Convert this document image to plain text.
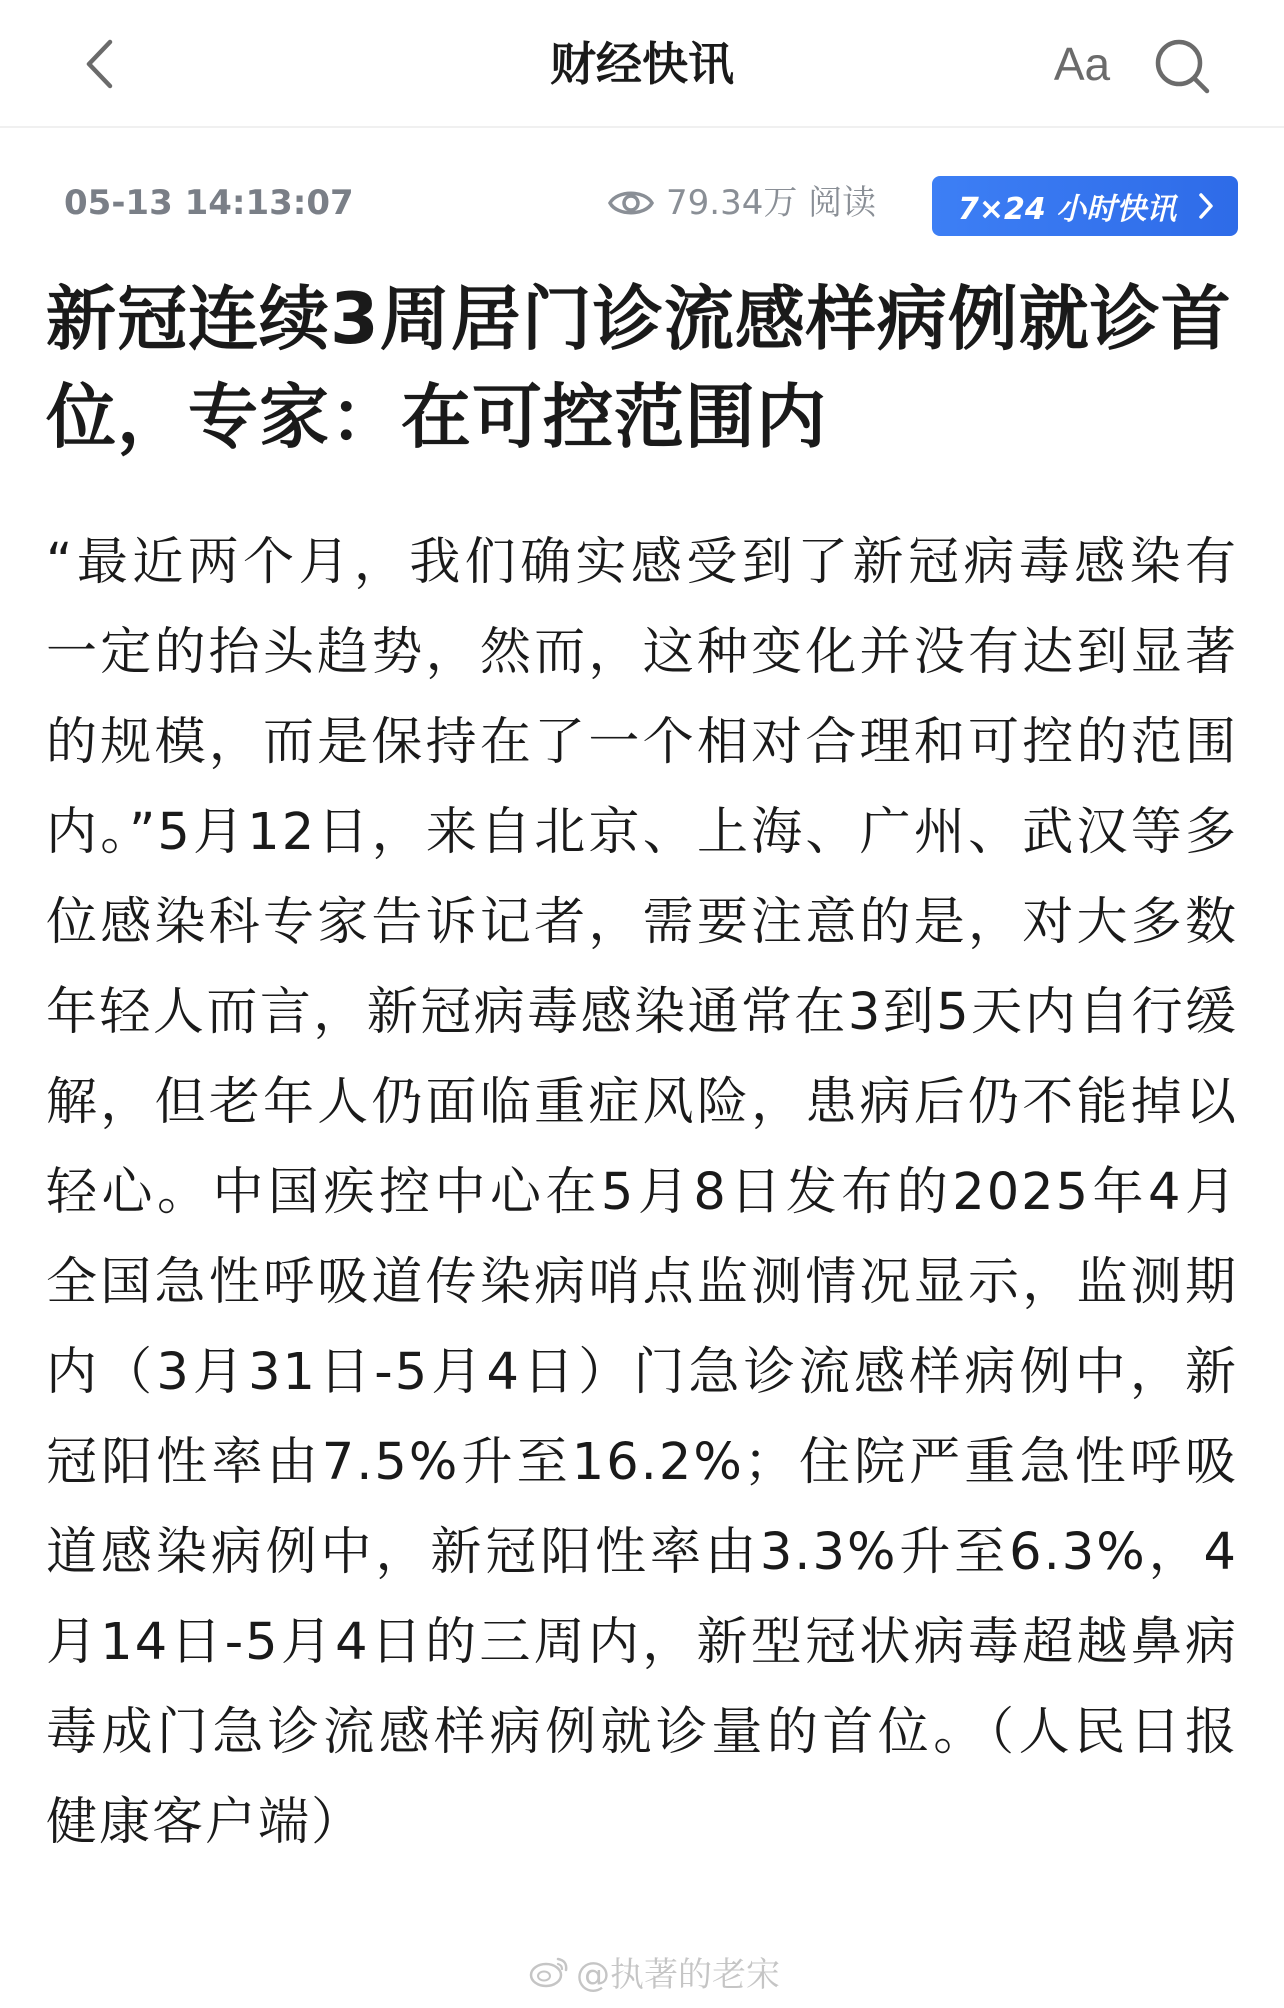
财经快讯	Aa
05-13 14:13:07	79.34万 阅读	7×24 小时快讯
新冠连续3周居门诊流感样病例就诊首位，专家：在可控范围内

“最近两个月，我们确实感受到了新冠病毒感染有一定的抬头趋势，然而，这种变化并没有达到显著的规模，而是保持在了一个相对合理和可控的范围内。”5月12日，来自北京、上海、广州、武汉等多位感染科专家告诉记者，需要注意的是，对大多数年轻人而言，新冠病毒感染通常在3到5天内自行缓解，但老年人仍面临重症风险，患病后仍不能掉以轻心。中国疾控中心在5月8日发布的2025年4月全国急性呼吸道传染病哨点监测情况显示，监测期内（3月31日-5月4日）门急诊流感样病例中，新冠阳性率由7.5%升至16.2%；住院严重急性呼吸道感染病例中，新冠阳性率由3.3%升至6.3%，4月14日-5月4日的三周内，新型冠状病毒超越鼻病毒成门急诊流感样病例就诊量的首位。（人民日报健康客户端）

@执著的老宋
